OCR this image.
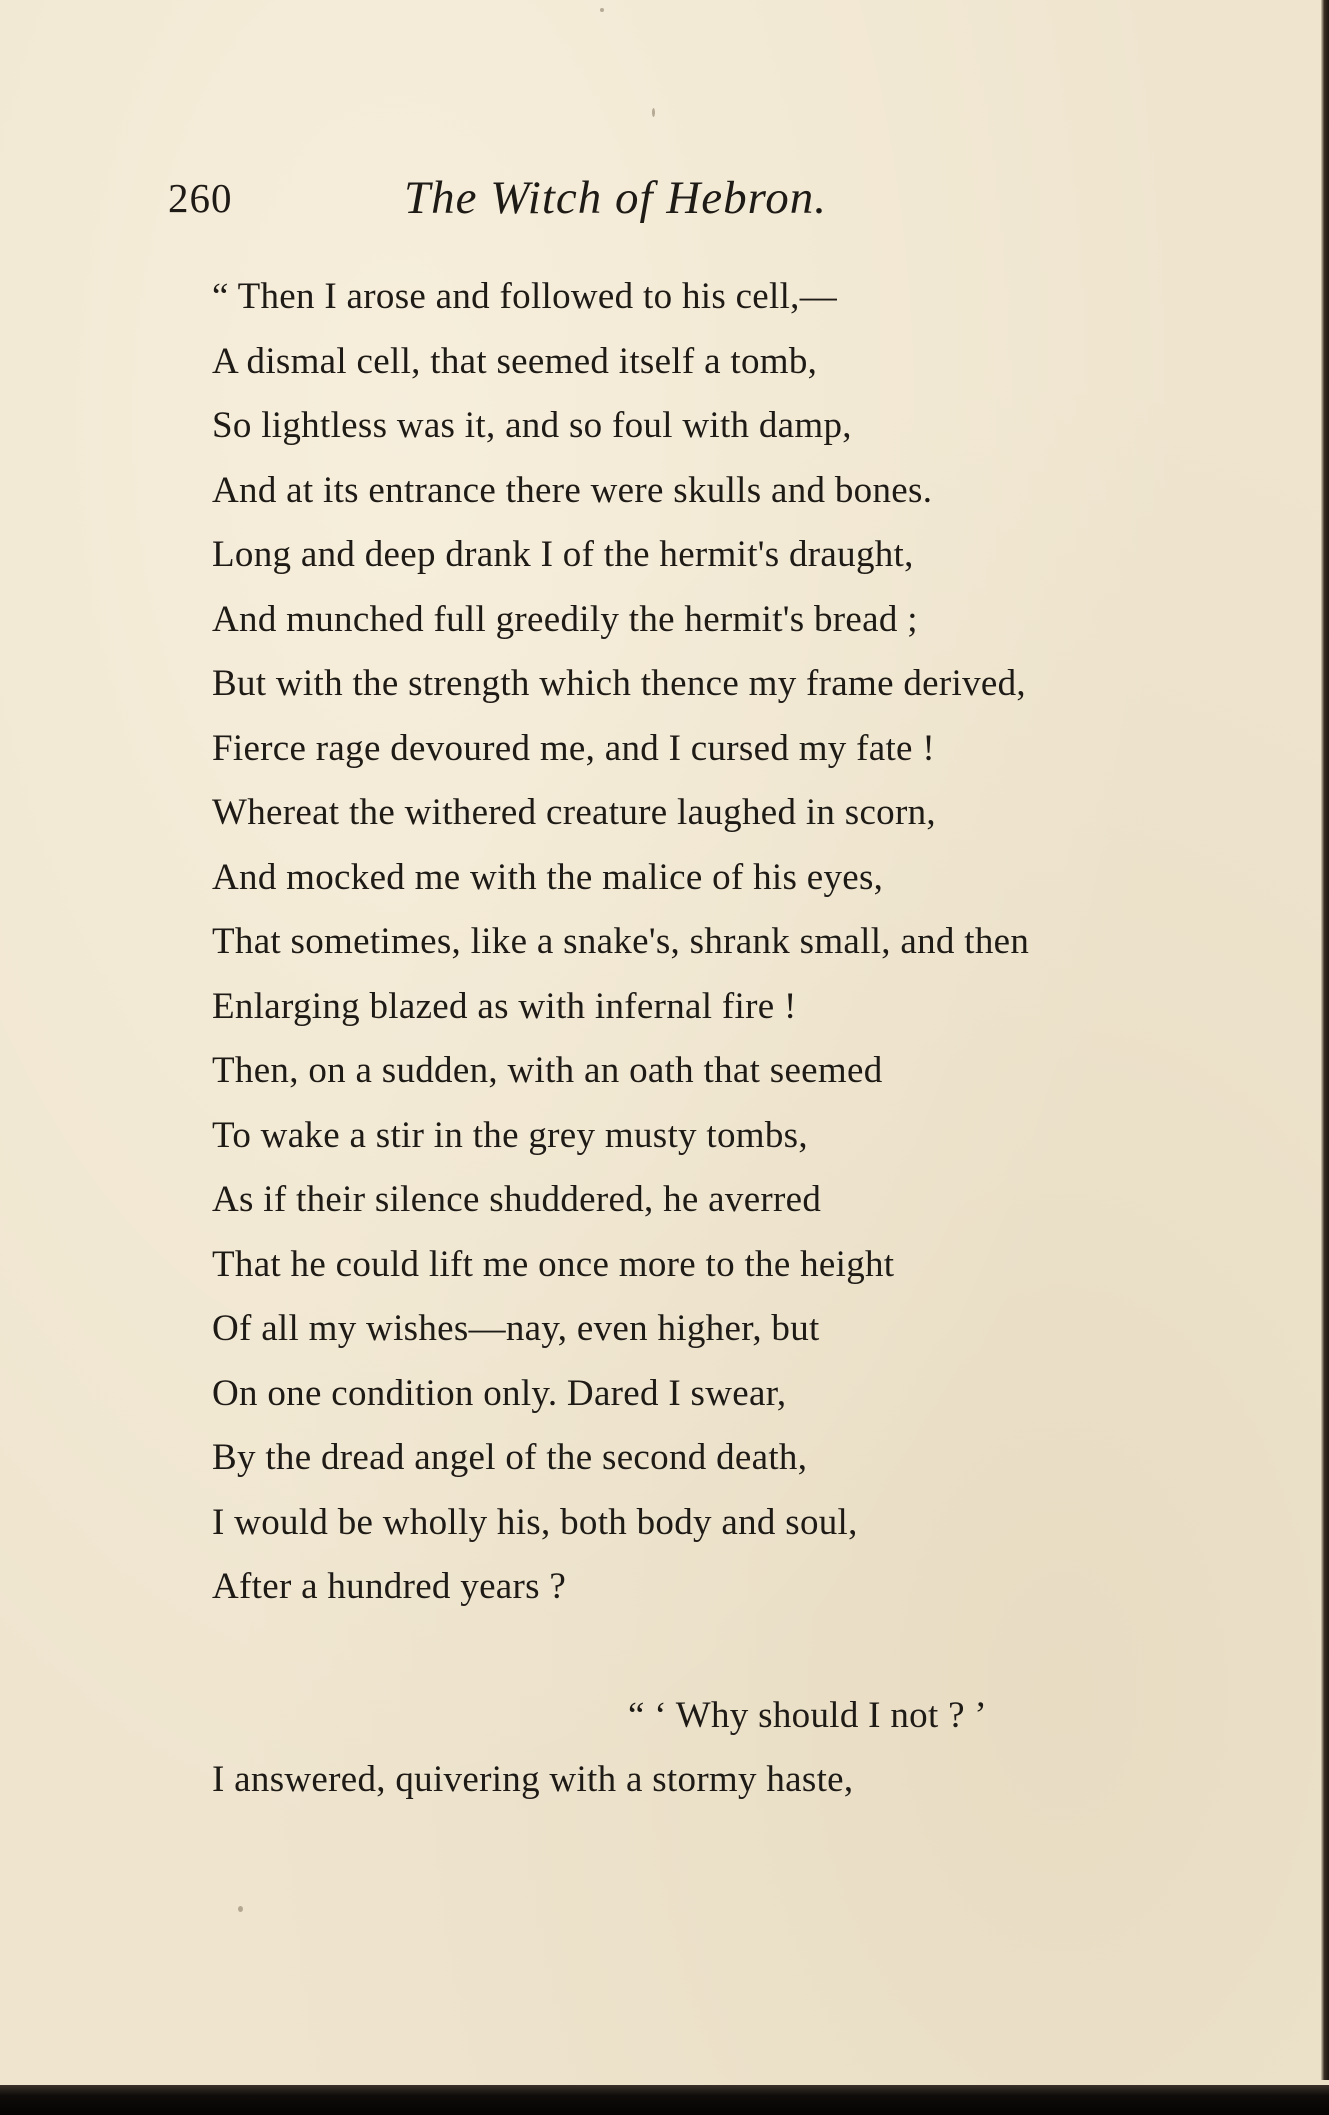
260	The Witch of Hebron.
“ Then I arose and followed to his cell,—
A dismal cell, that seemed itself a tomb,
So lightless was it, and so foul with damp,
And at its entrance there were skulls and bones.
Long and deep drank I of the hermit's draught,
And munched full greedily the hermit's bread ;
But with the strength which thence my frame derived,
Fierce rage devoured me, and I cursed my fate !
Whereat the withered creature laughed in scorn,
And mocked me with the malice of his eyes,
That sometimes, like a snake's, shrank small, and then
Enlarging blazed as with infernal fire !
Then, on a sudden, with an oath that seemed
To wake a stir in the grey musty tombs,
As if their silence shuddered, he averred
That he could lift me once more to the height
Of all my wishes—nay, even higher, but
On one condition only. Dared I swear,
By the dread angel of the second death,
I would be wholly his, both body and soul,
After a hundred years ?
“ ‘ Why should I not ? ’
I answered, quivering with a stormy haste,
